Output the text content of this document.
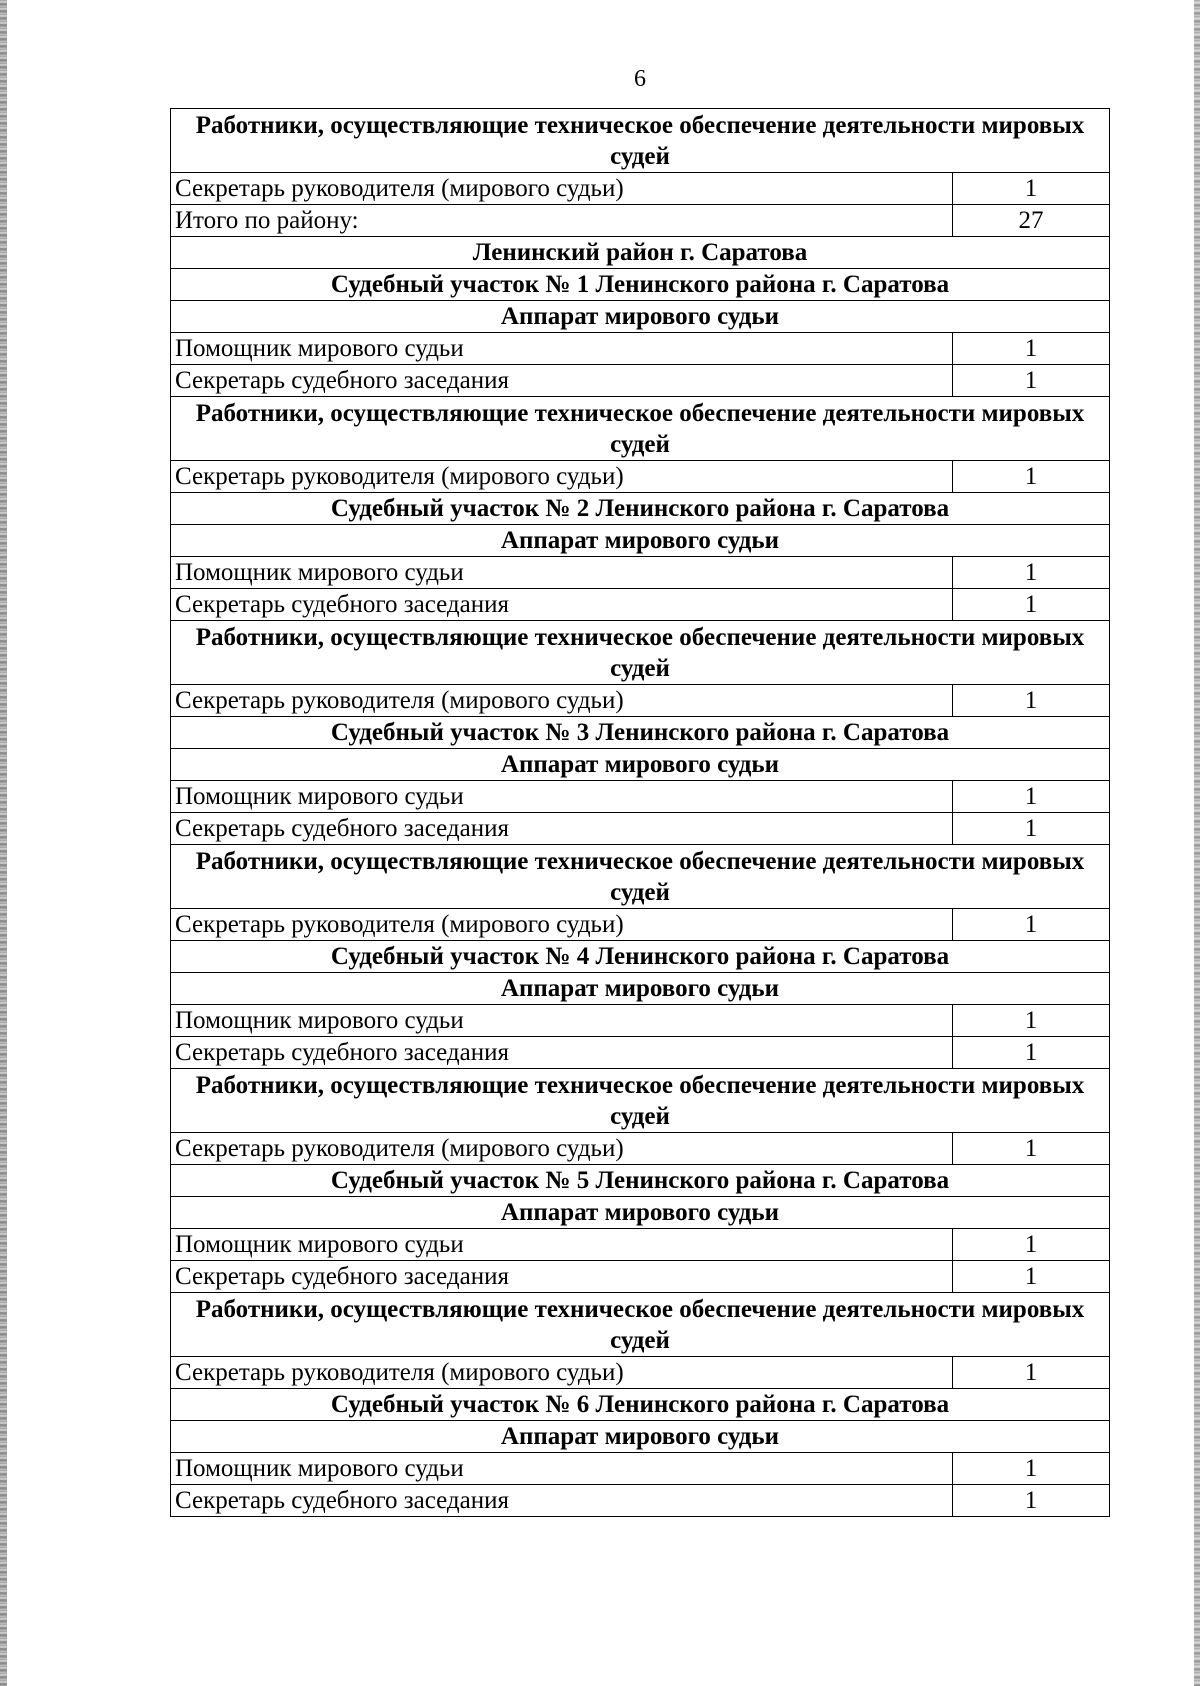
6
Работники, осуществляющие техническое обеспечение деятельности мировых судей	
Секретарь руководителя (мирового судьи)	1
Итого по району:	27
Ленинский район г. Саратова	
Судебный участок № 1 Ленинского района г. Саратова	
Аппарат мирового судьи	
Помощник мирового судьи	1
Секретарь судебного заседания	1
Работники, осуществляющие техническое обеспечение деятельности мировых судей	
Секретарь руководителя (мирового судьи)	1
Судебный участок № 2 Ленинского района г. Саратова	
Аппарат мирового судьи	
Помощник мирового судьи	1
Секретарь судебного заседания	1
Работники, осуществляющие техническое обеспечение деятельности мировых судей	
Секретарь руководителя (мирового судьи)	1
Судебный участок № 3 Ленинского района г. Саратова	
Аппарат мирового судьи	
Помощник мирового судьи	1
Секретарь судебного заседания	1
Работники, осуществляющие техническое обеспечение деятельности мировых судей	
Секретарь руководителя (мирового судьи)	1
Судебный участок № 4 Ленинского района г. Саратова	
Аппарат мирового судьи	
Помощник мирового судьи	1
Секретарь судебного заседания	1
Работники, осуществляющие техническое обеспечение деятельности мировых судей	
Секретарь руководителя (мирового судьи)	1
Судебный участок № 5 Ленинского района г. Саратова	
Аппарат мирового судьи	
Помощник мирового судьи	1
Секретарь судебного заседания	1
Работники, осуществляющие техническое обеспечение деятельности мировых судей	
Секретарь руководителя (мирового судьи)	1
Судебный участок № 6 Ленинского района г. Саратова	
Аппарат мирового судьи	
Помощник мирового судьи	1
Секретарь судебного заседания	1
